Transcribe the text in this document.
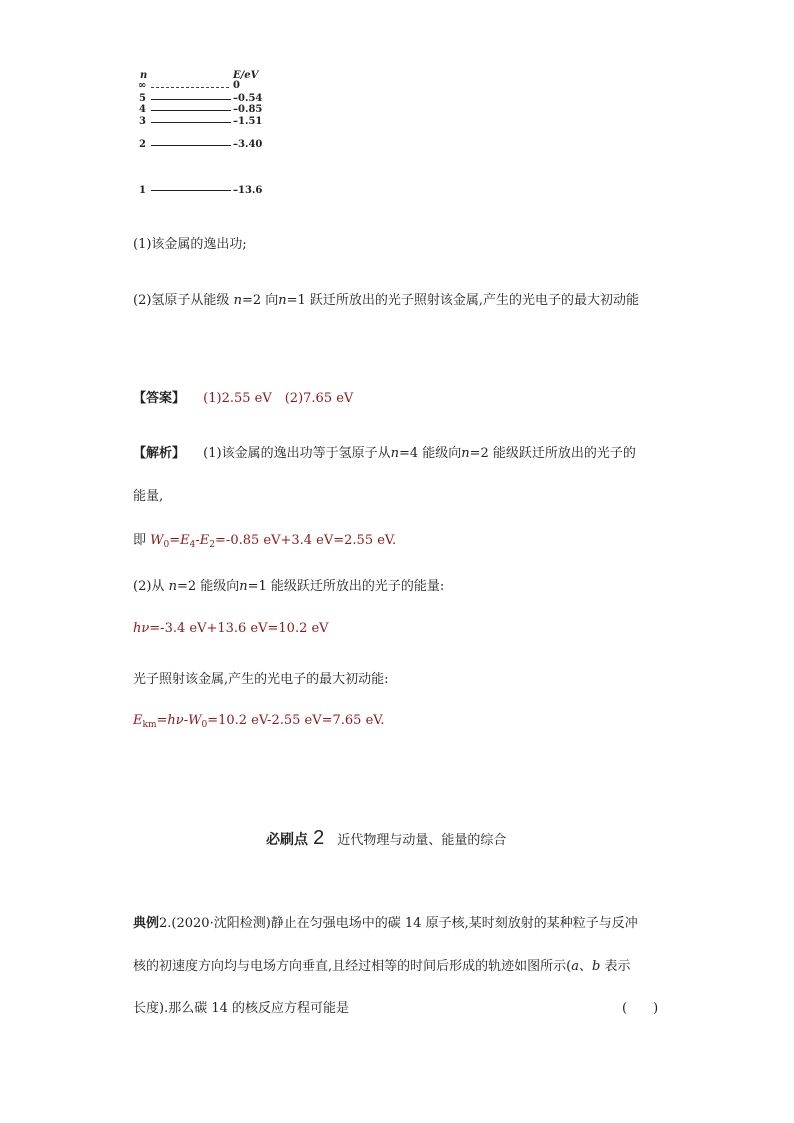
n	E/eV
∞	0
5	–0.54
4	–0.85
3	–1.51
2	–3.40
1	–13.6
(1)该金属的逸出功;
(2)氢原子从能级 n=2 向n=1 跃迁所放出的光子照射该金属,产生的光电子的最大初动能
【答案】 (1)2.55 eV　(2)7.65 eV
【解析】 (1)该金属的逸出功等于氢原子从n=4 能级向n=2 能级跃迁所放出的光子的
能量,
即 $W_0=E_4-E_2=-0.85$ eV+3.4 eV=2.55 eV.
(2)从 n=2 能级向n=1 能级跃迁所放出的光子的能量:
hν=-3.4 eV+13.6 eV=10.2 eV
光子照射该金属,产生的光电子的最大初动能:
$E_{km}=h\nu-W_0=10.2$ eV-2.55 eV=7.65 eV.
必刷点 2 近代物理与动量、能量的综合
典例2.(2020·沈阳检测)静止在匀强电场中的碳 14 原子核,某时刻放射的某种粒子与反冲
核的初速度方向均与电场方向垂直,且经过相等的时间后形成的轨迹如图所示(a、b 表示
长度).那么碳 14 的核反应方程可能是	(　　)
